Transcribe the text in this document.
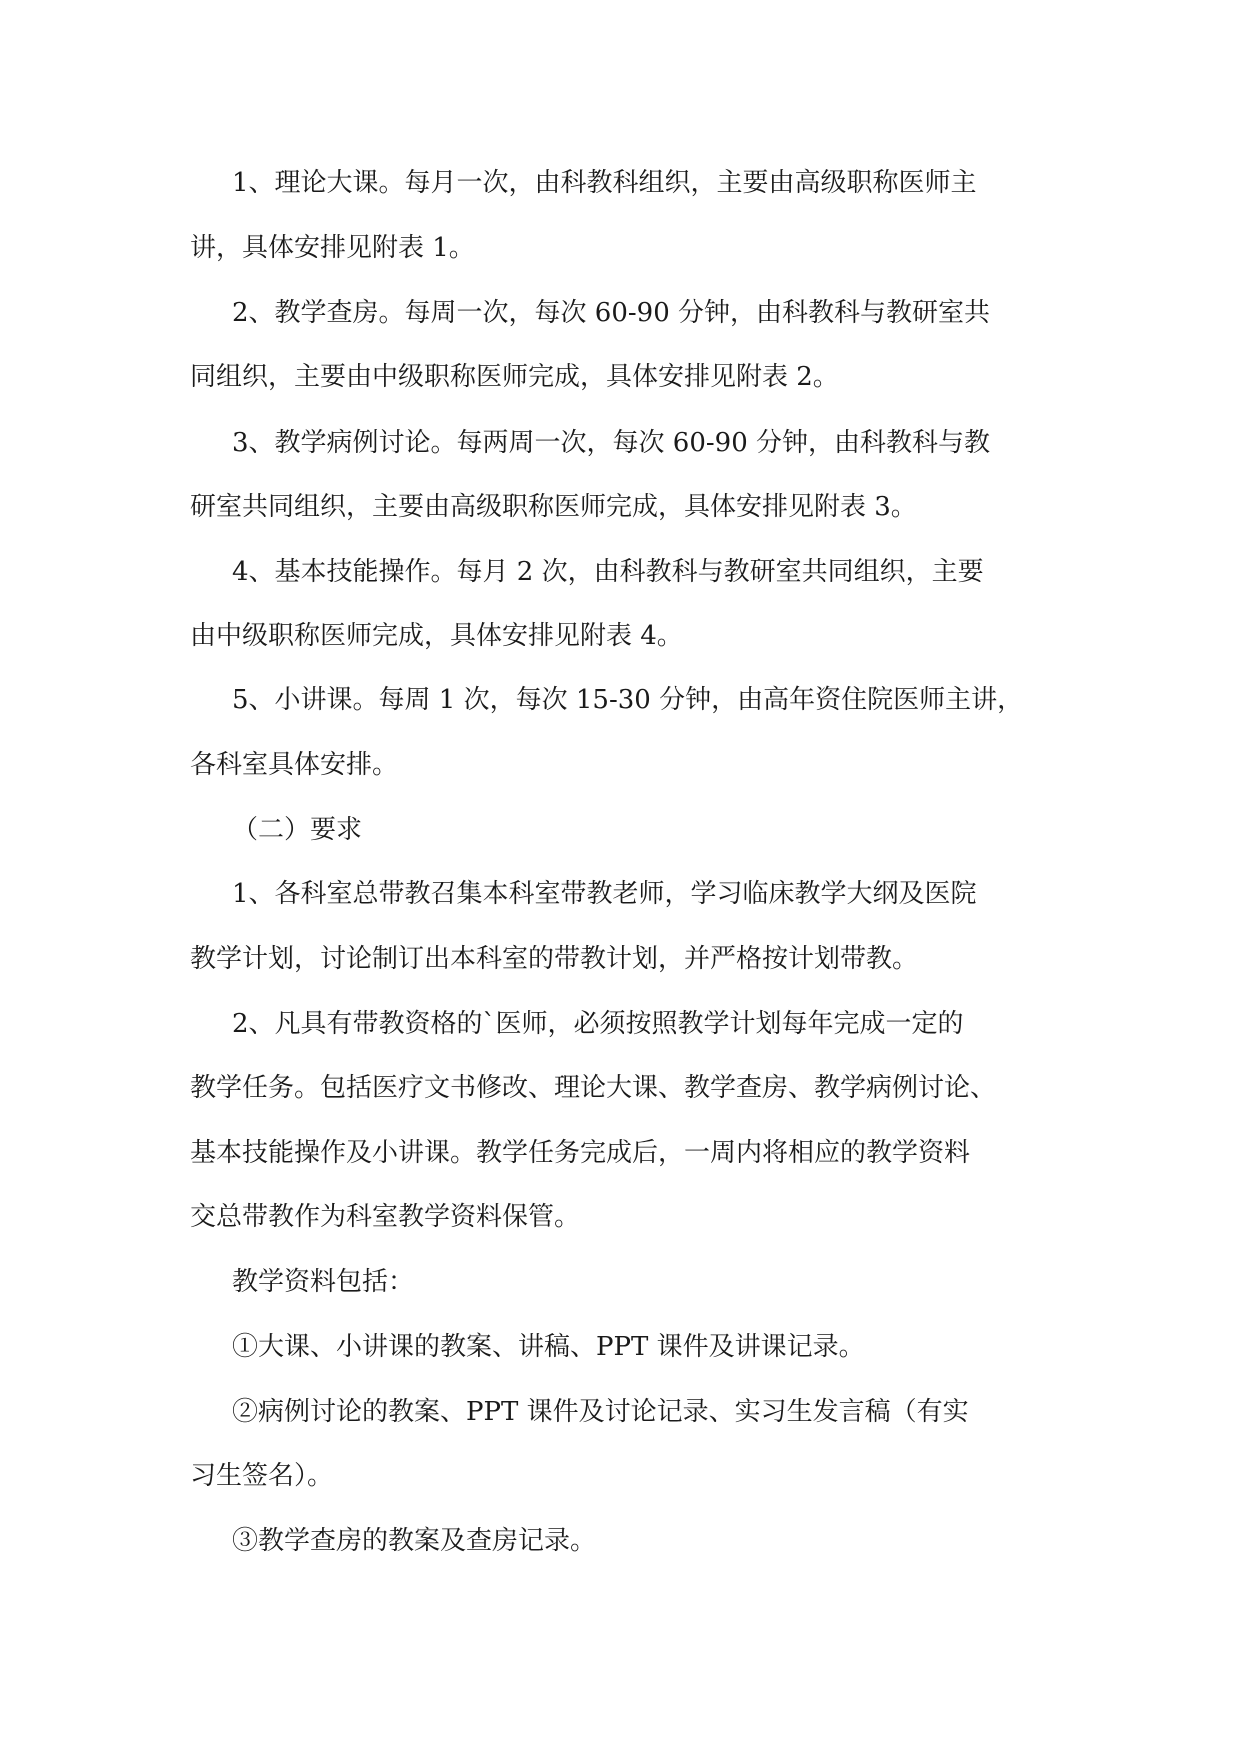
1、理论大课。每月一次，由科教科组织，主要由高级职称医师主
讲，具体安排见附表 1。
2、教学查房。每周一次，每次 60-90 分钟，由科教科与教研室共
同组织，主要由中级职称医师完成，具体安排见附表 2。
3、教学病例讨论。每两周一次，每次 60-90 分钟，由科教科与教
研室共同组织，主要由高级职称医师完成，具体安排见附表 3。
4、基本技能操作。每月 2 次，由科教科与教研室共同组织，主要
由中级职称医师完成，具体安排见附表 4。
5、小讲课。每周 1 次，每次 15-30 分钟，由高年资住院医师主讲，
各科室具体安排。
（二）要求
1、各科室总带教召集本科室带教老师，学习临床教学大纲及医院
教学计划，讨论制订出本科室的带教计划，并严格按计划带教。
2、凡具有带教资格的`医师，必须按照教学计划每年完成一定的
教学任务。包括医疗文书修改、理论大课、教学查房、教学病例讨论、
基本技能操作及小讲课。教学任务完成后，一周内将相应的教学资料
交总带教作为科室教学资料保管。
教学资料包括：
①大课、小讲课的教案、讲稿、PPT 课件及讲课记录。
②病例讨论的教案、PPT 课件及讨论记录、实习生发言稿（有实
习生签名）。
③教学查房的教案及查房记录。
